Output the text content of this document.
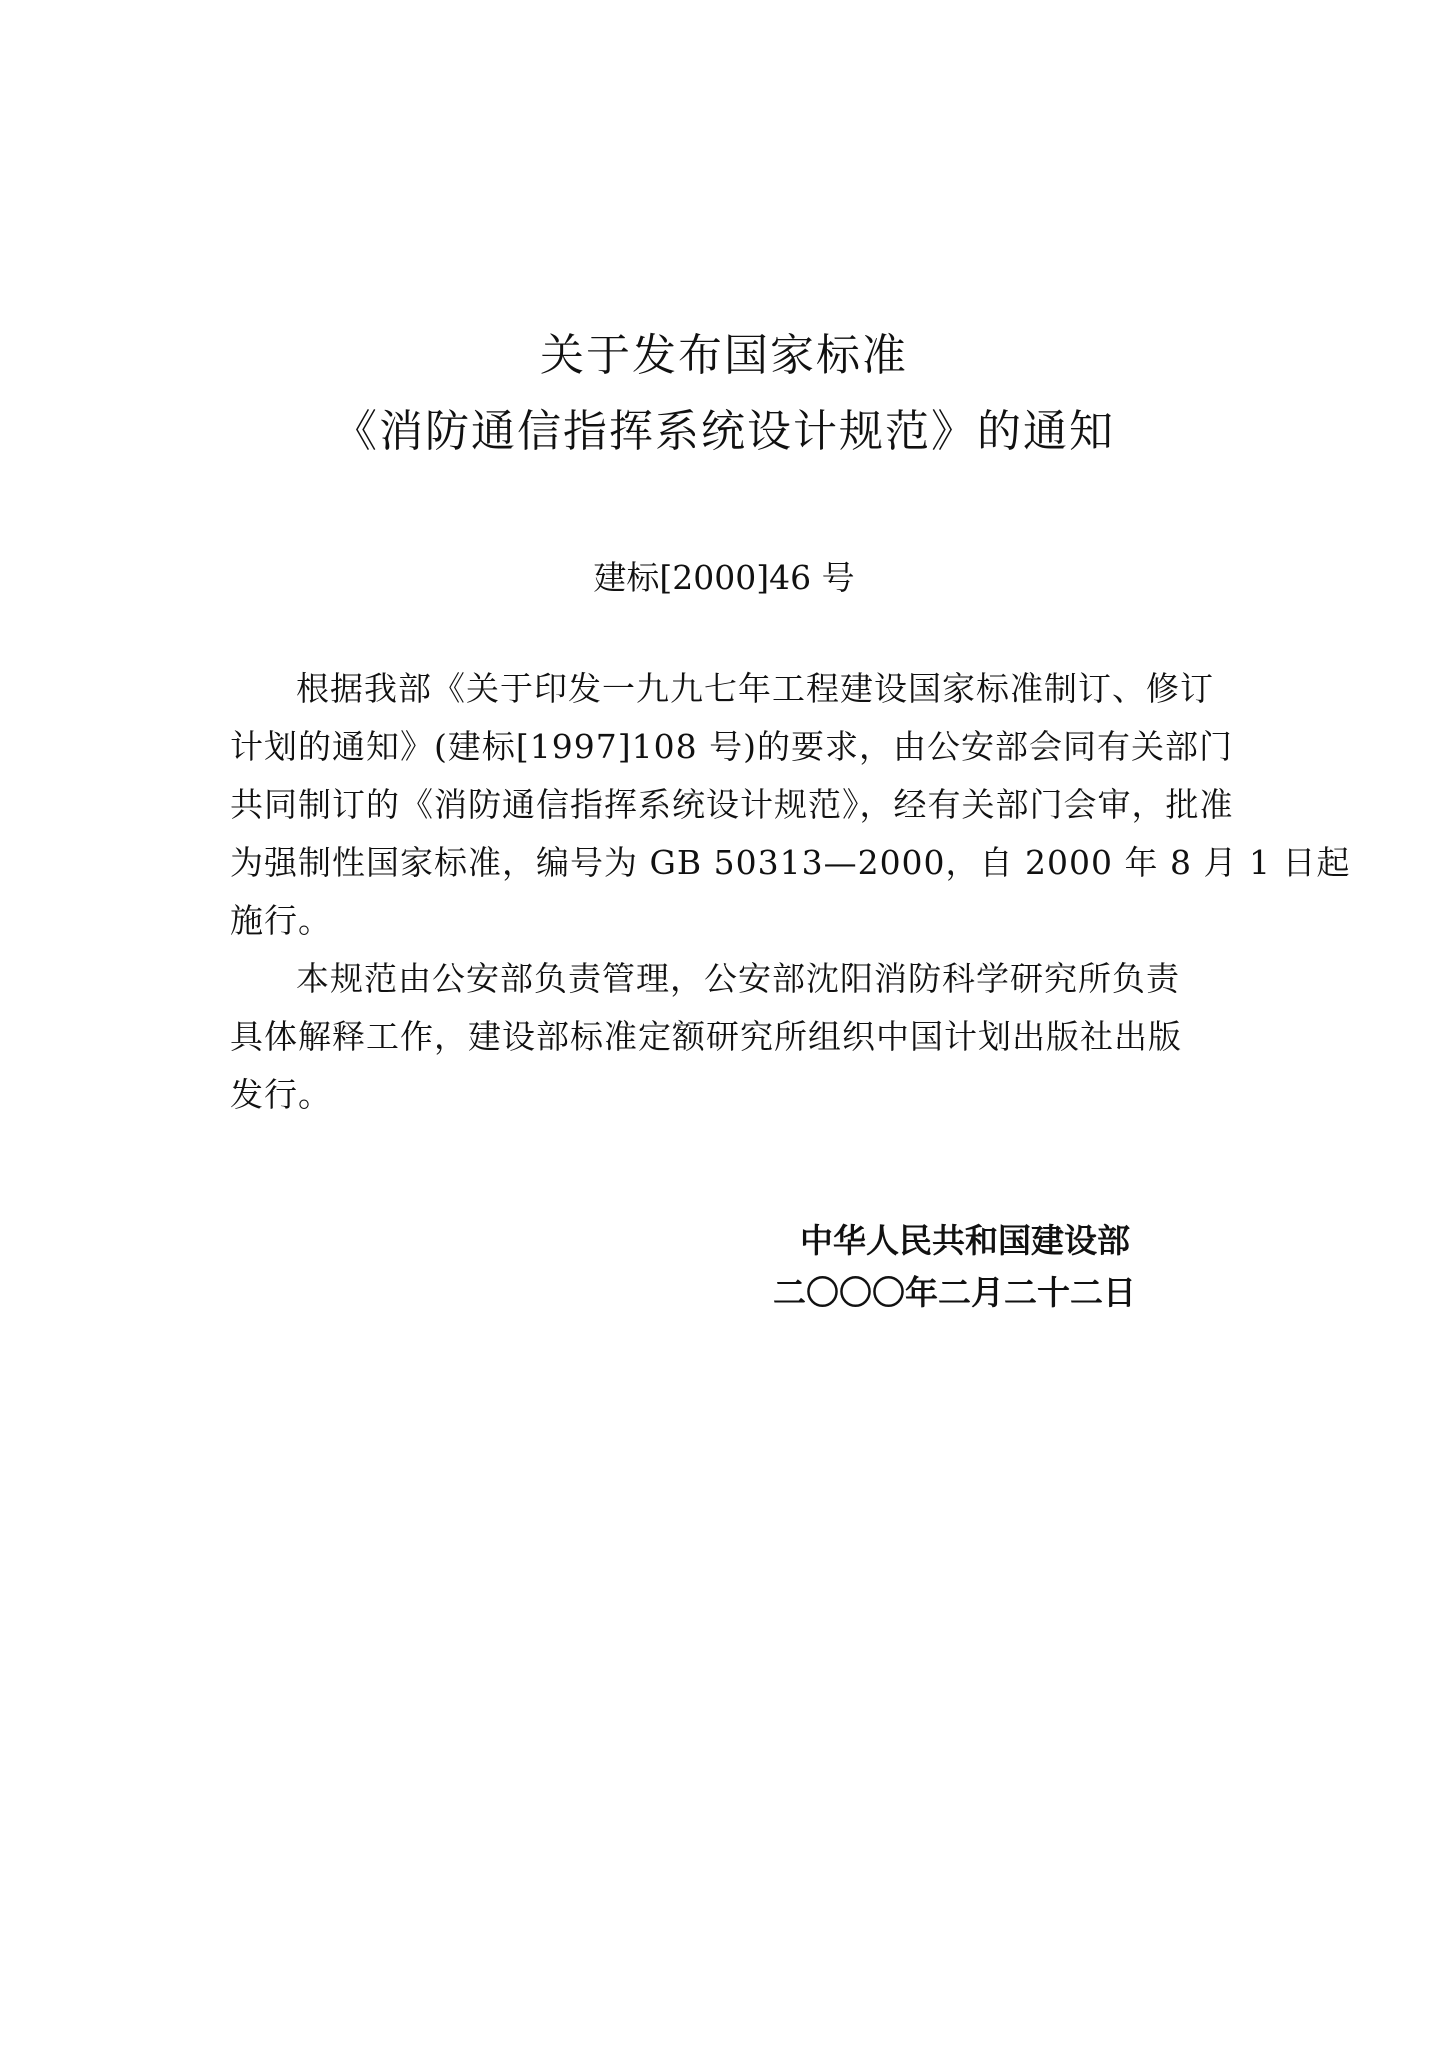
关于发布国家标准
《消防通信指挥系统设计规范》的通知
建标[2000]46 号
根据我部《关于印发一九九七年工程建设国家标准制订、修订
计划的通知》(建标[1997]108 号)的要求，由公安部会同有关部门
共同制订的《消防通信指挥系统设计规范》，经有关部门会审，批准
为强制性国家标准，编号为 GB 50313—2000，自 2000 年 8 月 1 日起
施行。
本规范由公安部负责管理，公安部沈阳消防科学研究所负责
具体解释工作，建设部标准定额研究所组织中国计划出版社出版
发行。
中华人民共和国建设部
二〇〇〇年二月二十二日
